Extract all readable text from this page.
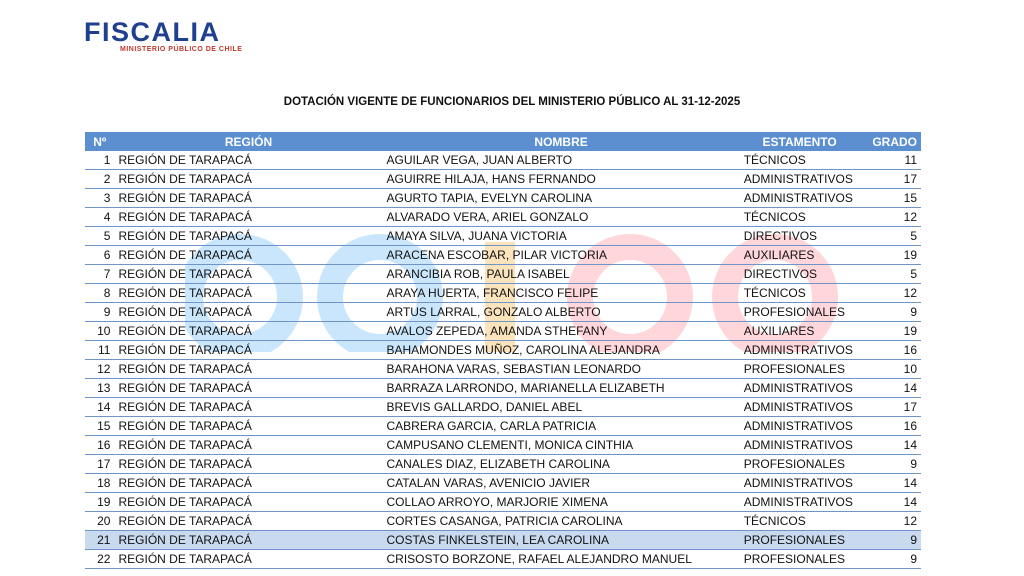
FISCALIA
MINISTERIO PÚBLICO DE CHILE
DOTACIÓN VIGENTE DE FUNCIONARIOS DEL MINISTERIO PÚBLICO AL 31-12-2025
Nº	REGIÓN	NOMBRE	ESTAMENTO	GRADO
1	REGIÓN DE TARAPACÁ	AGUILAR VEGA, JUAN ALBERTO	TÉCNICOS	11
2	REGIÓN DE TARAPACÁ	AGUIRRE HILAJA, HANS FERNANDO	ADMINISTRATIVOS	17
3	REGIÓN DE TARAPACÁ	AGURTO TAPIA, EVELYN CAROLINA	ADMINISTRATIVOS	15
4	REGIÓN DE TARAPACÁ	ALVARADO VERA, ARIEL GONZALO	TÉCNICOS	12
5	REGIÓN DE TARAPACÁ	AMAYA SILVA, JUANA VICTORIA	DIRECTIVOS	5
6	REGIÓN DE TARAPACÁ	ARACENA ESCOBAR, PILAR VICTORIA	AUXILIARES	19
7	REGIÓN DE TARAPACÁ	ARANCIBIA ROB, PAULA ISABEL	DIRECTIVOS	5
8	REGIÓN DE TARAPACÁ	ARAYA HUERTA, FRANCISCO FELIPE	TÉCNICOS	12
9	REGIÓN DE TARAPACÁ	ARTUS LARRAL, GONZALO ALBERTO	PROFESIONALES	9
10	REGIÓN DE TARAPACÁ	AVALOS ZEPEDA, AMANDA STHEFANY	AUXILIARES	19
11	REGIÓN DE TARAPACÁ	BAHAMONDES MUÑOZ, CAROLINA ALEJANDRA	ADMINISTRATIVOS	16
12	REGIÓN DE TARAPACÁ	BARAHONA VARAS, SEBASTIAN LEONARDO	PROFESIONALES	10
13	REGIÓN DE TARAPACÁ	BARRAZA LARRONDO, MARIANELLA ELIZABETH	ADMINISTRATIVOS	14
14	REGIÓN DE TARAPACÁ	BREVIS GALLARDO, DANIEL ABEL	ADMINISTRATIVOS	17
15	REGIÓN DE TARAPACÁ	CABRERA GARCIA, CARLA PATRICIA	ADMINISTRATIVOS	16
16	REGIÓN DE TARAPACÁ	CAMPUSANO CLEMENTI, MONICA CINTHIA	ADMINISTRATIVOS	14
17	REGIÓN DE TARAPACÁ	CANALES DIAZ, ELIZABETH CAROLINA	PROFESIONALES	9
18	REGIÓN DE TARAPACÁ	CATALAN VARAS, AVENICIO JAVIER	ADMINISTRATIVOS	14
19	REGIÓN DE TARAPACÁ	COLLAO ARROYO, MARJORIE XIMENA	ADMINISTRATIVOS	14
20	REGIÓN DE TARAPACÁ	CORTES CASANGA, PATRICIA CAROLINA	TÉCNICOS	12
21	REGIÓN DE TARAPACÁ	COSTAS FINKELSTEIN, LEA CAROLINA	PROFESIONALES	9
22	REGIÓN DE TARAPACÁ	CRISOSTO BORZONE, RAFAEL ALEJANDRO MANUEL	PROFESIONALES	9
